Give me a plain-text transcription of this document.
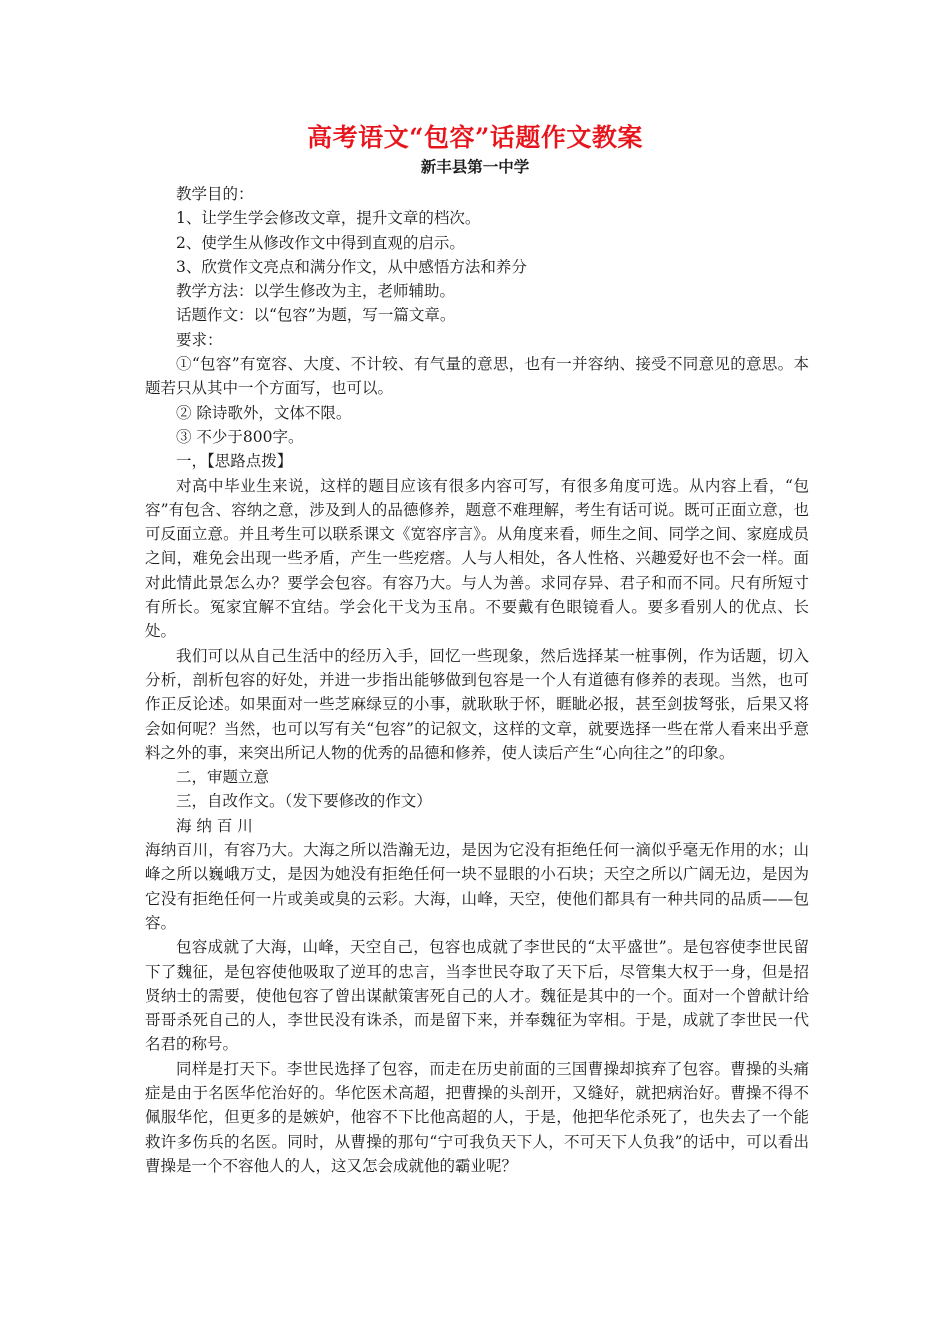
高考语文“包容”话题作文教案
新丰县第一中学

教学目的：

1、让学生学会修改文章，提升文章的档次。

2、使学生从修改作文中得到直观的启示。

3、欣赏作文亮点和满分作文，从中感悟方法和养分

教学方法：以学生修改为主，老师辅助。

话题作文：以“包容”为题，写一篇文章。

要求：

①“包容”有宽容、大度、不计较、有气量的意思，也有一并容纳、接受不同意见的意思。本题若只从其中一个方面写，也可以。

② 除诗歌外，文体不限。

③ 不少于800字。

一，【思路点拨】

对高中毕业生来说，这样的题目应该有很多内容可写，有很多角度可选。从内容上看，“包容”有包含、容纳之意，涉及到人的品德修养，题意不难理解，考生有话可说。既可正面立意，也可反面立意。并且考生可以联系课文《宽容序言》。从角度来看，师生之间、同学之间、家庭成员之间，难免会出现一些矛盾，产生一些疙瘩。人与人相处，各人性格、兴趣爱好也不会一样。面对此情此景怎么办？要学会包容。有容乃大。与人为善。求同存异、君子和而不同。尺有所短寸有所长。冤家宜解不宜结。学会化干戈为玉帛。不要戴有色眼镜看人。要多看别人的优点、长处。

我们可以从自己生活中的经历入手，回忆一些现象，然后选择某一桩事例，作为话题，切入分析，剖析包容的好处，并进一步指出能够做到包容是一个人有道德有修养的表现。当然，也可作正反论述。如果面对一些芝麻绿豆的小事，就耿耿于怀，睚眦必报，甚至剑拔弩张，后果又将会如何呢？当然，也可以写有关“包容”的记叙文，这样的文章，就要选择一些在常人看来出乎意料之外的事，来突出所记人物的优秀的品德和修养，使人读后产生“心向往之”的印象。

二，审题立意

三，自改作文。（发下要修改的作文）

海 纳 百 川

海纳百川，有容乃大。大海之所以浩瀚无边，是因为它没有拒绝任何一滴似乎毫无作用的水；山峰之所以巍峨万丈，是因为她没有拒绝任何一块不显眼的小石块；天空之所以广阔无边，是因为它没有拒绝任何一片或美或臭的云彩。大海，山峰，天空，使他们都具有一种共同的品质——包容。

包容成就了大海，山峰，天空自己，包容也成就了李世民的“太平盛世”。是包容使李世民留下了魏征，是包容使他吸取了逆耳的忠言，当李世民夺取了天下后，尽管集大权于一身，但是招贤纳士的需要，使他包容了曾出谋献策害死自己的人才。魏征是其中的一个。面对一个曾献计给哥哥杀死自己的人，李世民没有诛杀，而是留下来，并奉魏征为宰相。于是，成就了李世民一代名君的称号。

同样是打天下。李世民选择了包容，而走在历史前面的三国曹操却摈弃了包容。曹操的头痛症是由于名医华佗治好的。华佗医术高超，把曹操的头剖开，又缝好，就把病治好。曹操不得不佩服华佗，但更多的是嫉妒，他容不下比他高超的人，于是，他把华佗杀死了，也失去了一个能救许多伤兵的名医。同时，从曹操的那句“宁可我负天下人，不可天下人负我”的话中，可以看出曹操是一个不容他人的人，这又怎会成就他的霸业呢？
